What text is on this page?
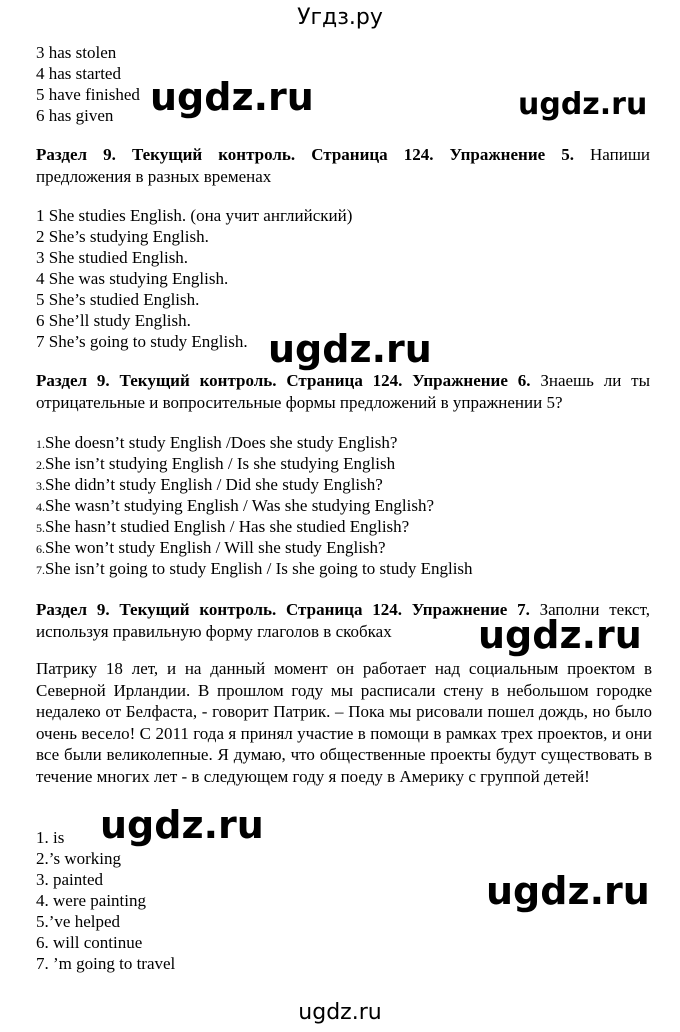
Угдз.ру
3 has stolen
4 has started
5 have finished
6 has given
Раздел 9. Текущий контроль. Страница 124. Упражнение 5. Напиши предложения в разных временах
1 She studies English. (она учит английский)
2 She’s studying English.
3 She studied English.
4 She was studying English.
5 She’s studied English.
6 She’ll study English.
7 She’s going to study English.
Раздел 9. Текущий контроль. Страница 124. Упражнение 6. Знаешь ли ты отрицательные и вопросительные формы предложений в упражнении 5?
1.She doesn’t study English /Does she study English?
2.She isn’t studying English / Is she studying English
3.She didn’t study English / Did she study English?
4.She wasn’t studying English / Was she studying English?
5.She hasn’t studied English / Has she studied English?
6.She won’t study English / Will she study English?
7.She isn’t going to study English / Is she going to study English
Раздел 9. Текущий контроль. Страница 124. Упражнение 7. Заполни текст, используя правильную форму глаголов в скобках
Патрику 18 лет, и на данный момент он работает над социальным проектом в Северной Ирландии. В прошлом году мы расписали стену в небольшом городке недалеко от Белфаста, - говорит Патрик. – Пока мы рисовали пошел дождь, но было очень весело! С 2011 года я принял участие в помощи в рамках трех проектов, и они все были великолепные. Я думаю, что общественные проекты будут существовать в течение многих лет - в следующем году я поеду в Америку с группой детей!
1. is
2.’s working
3. painted
4. were painting
5.’ve helped
6. will continue
7. ’m going to travel
ugdz.ru	ugdz.ru
ugdz.ru
ugdz.ru
ugdz.ru
ugdz.ru
ugdz.ru
